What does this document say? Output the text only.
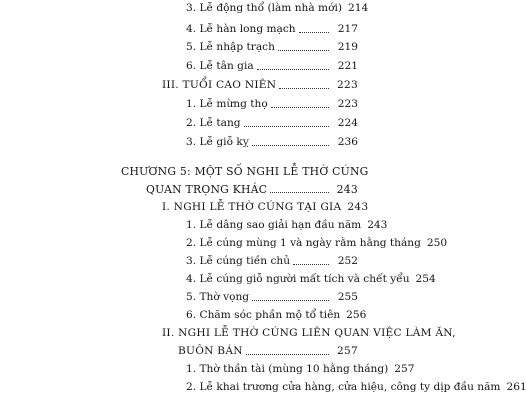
3. Lễ động thổ (làm nhà mới) 214
4. Lễ hàn long mạch	217
5. Lễ nhập trạch	219
6. Lễ tân gia	221
III. TUỔI CAO NIÊN	223
1. Lễ mừng thọ	223
2. Lễ tang	224
3. Lễ giỗ kỵ	236
CHƯƠNG 5: MỘT SỐ NGHI LỄ THỜ CÚNG
QUAN TRỌNG KHÁC	243
I. NGHI LỄ THỜ CÚNG TẠI GIA 243
1. Lễ dâng sao giải hạn đầu năm 243
2. Lễ cúng mùng 1 và ngày rằm hằng tháng 250
3. Lễ cúng tiền chủ	252
4. Lễ cúng giỗ người mất tích và chết yểu 254
5. Thờ vọng	255
6. Chăm sóc phần mộ tổ tiên 256
II. NGHI LỄ THỜ CÚNG LIÊN QUAN VIỆC LÀM ĂN,
BUÔN BÁN	257
1. Thờ thần tài (mùng 10 hằng tháng) 257
2. Lễ khai trương cửa hàng, cửa hiệu, công ty dịp đầu năm 261
